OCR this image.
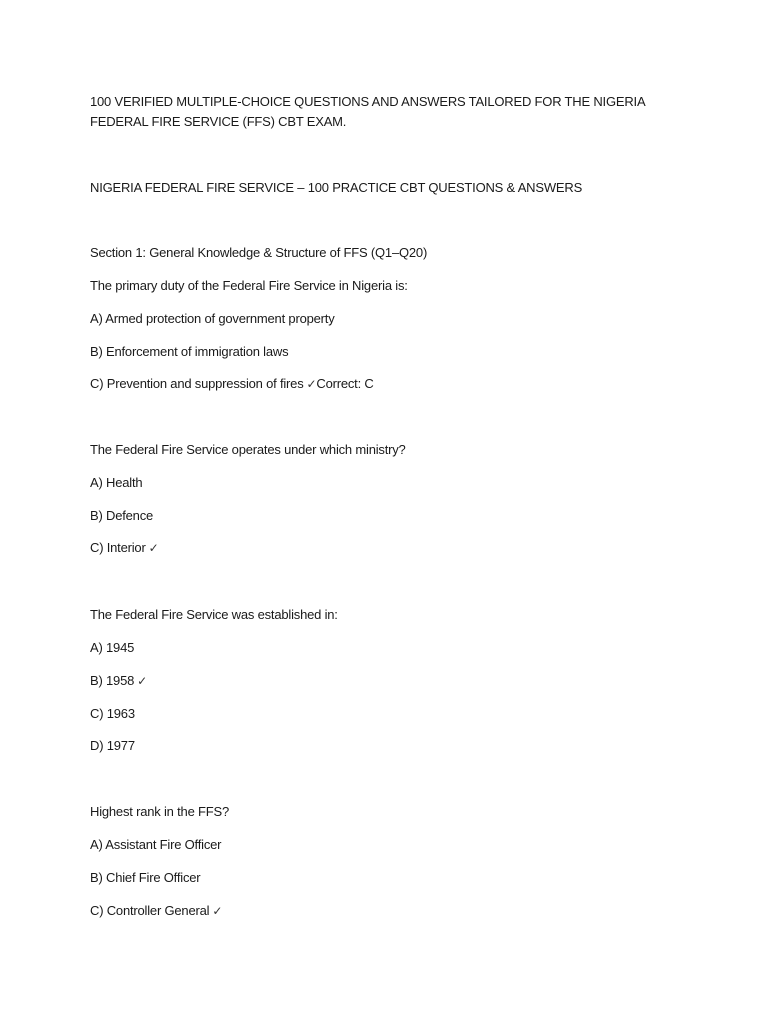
100 VERIFIED MULTIPLE-CHOICE QUESTIONS AND ANSWERS TAILORED FOR THE NIGERIA FEDERAL FIRE SERVICE (FFS) CBT EXAM.
NIGERIA FEDERAL FIRE SERVICE – 100 PRACTICE CBT QUESTIONS & ANSWERS
Section 1: General Knowledge & Structure of FFS (Q1–Q20)
The primary duty of the Federal Fire Service in Nigeria is:
A) Armed protection of government property
B) Enforcement of immigration laws
C) Prevention and suppression of fires ✓Correct: C
The Federal Fire Service operates under which ministry?
A) Health
B) Defence
C) Interior ✓
The Federal Fire Service was established in:
A) 1945
B) 1958 ✓
C) 1963
D) 1977
Highest rank in the FFS?
A) Assistant Fire Officer
B) Chief Fire Officer
C) Controller General ✓
